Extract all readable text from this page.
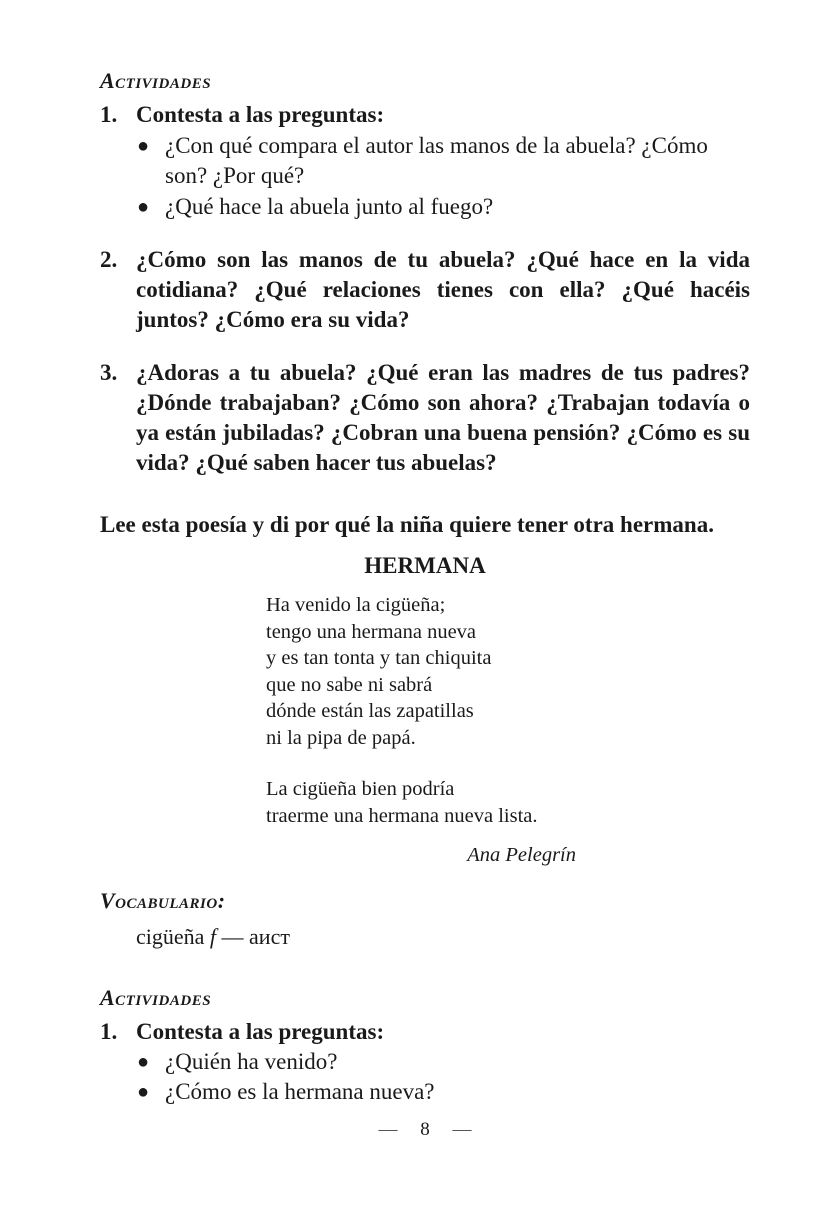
Actividades
1. Contesta a las preguntas:
● ¿Con qué compara el autor las manos de la abuela? ¿Cómo son? ¿Por qué?
● ¿Qué hace la abuela junto al fuego?
2. ¿Cómo son las manos de tu abuela? ¿Qué hace en la vida cotidiana? ¿Qué relaciones tienes con ella? ¿Qué hacéis juntos? ¿Cómo era su vida?
3. ¿Adoras a tu abuela? ¿Qué eran las madres de tus padres? ¿Dónde trabajaban? ¿Cómo son ahora? ¿Trabajan todavía o ya están jubiladas? ¿Cobran una buena pensión? ¿Cómo es su vida? ¿Qué saben hacer tus abuelas?
Lee esta poesía y di por qué la niña quiere tener otra hermana.
HERMANA
Ha venido la cigüeña;
tengo una hermana nueva
y es tan tonta y tan chiquita
que no sabe ni sabrá
dónde están las zapatillas
ni la pipa de papá.
La cigüeña bien podría
traerme una hermana nueva lista.
Ana Pelegrín
Vocabulario:
cigüeña f — аист
Actividades
1. Contesta a las preguntas:
● ¿Quién ha venido?
● ¿Cómo es la hermana nueva?
— 8 —
